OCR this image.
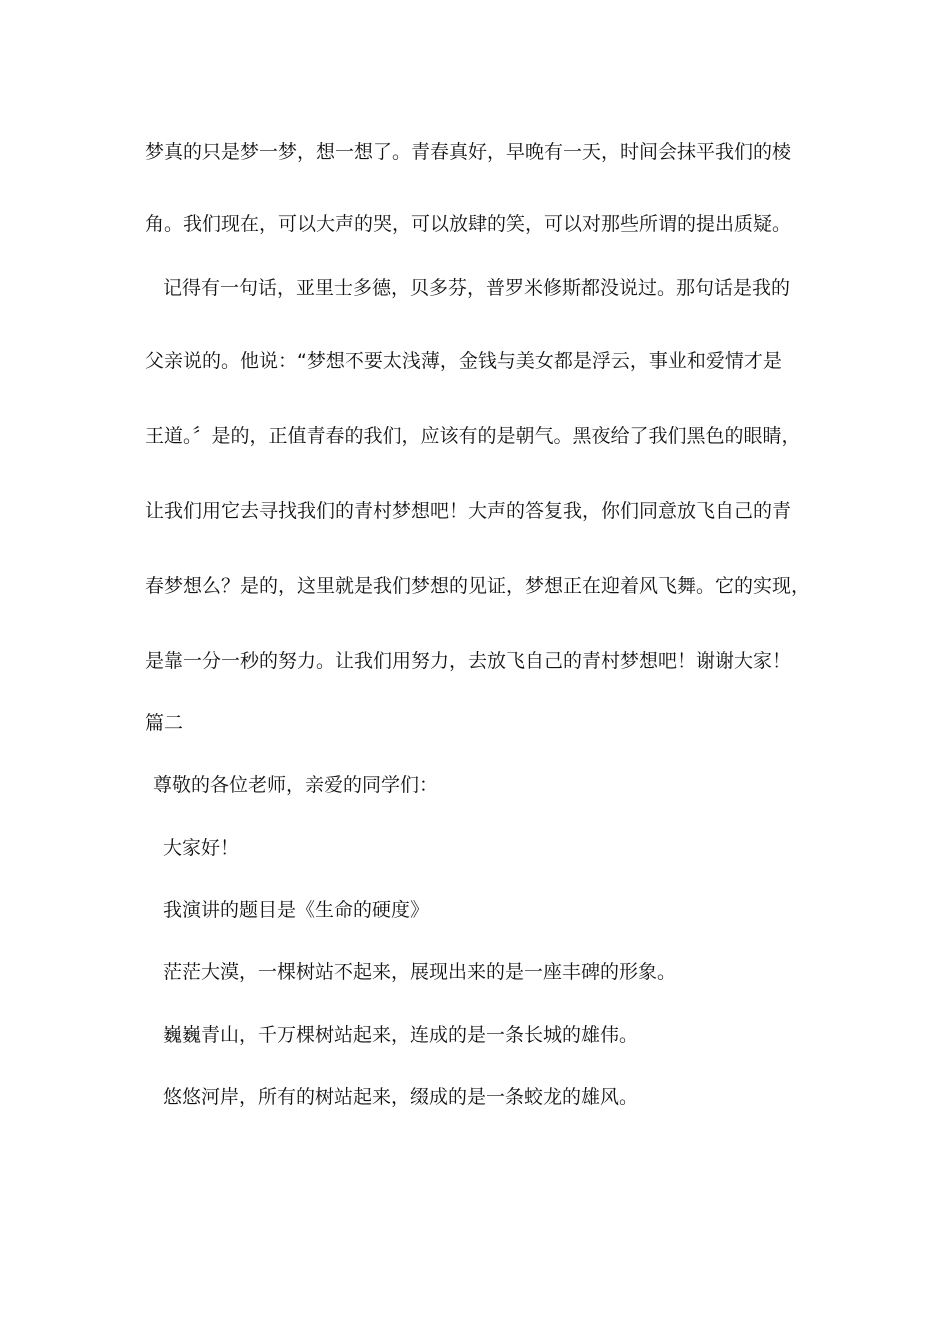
梦真的只是梦一梦，想一想了。青春真好，早晚有一天，时间会抹平我们的棱
角。我们现在，可以大声的哭，可以放肆的笑，可以对那些所谓的提出质疑。
记得有一句话，亚里士多德，贝多芬，普罗米修斯都没说过。那句话是我的
父亲说的。他说：“梦想不要太浅薄，金钱与美女都是浮云，事业和爱情才是
王道。〞是的，正值青春的我们，应该有的是朝气。黑夜给了我们黑色的眼睛，
让我们用它去寻找我们的青村梦想吧！大声的答复我，你们同意放飞自己的青
春梦想么？是的，这里就是我们梦想的见证，梦想正在迎着风飞舞。它的实现，
是靠一分一秒的努力。让我们用努力，去放飞自己的青村梦想吧！谢谢大家！
篇二
尊敬的各位老师，亲爱的同学们：
大家好！
我演讲的题目是《生命的硬度》
茫茫大漠，一棵树站不起来，展现出来的是一座丰碑的形象。
巍巍青山，千万棵树站起来，连成的是一条长城的雄伟。
悠悠河岸，所有的树站起来，缀成的是一条蛟龙的雄风。
